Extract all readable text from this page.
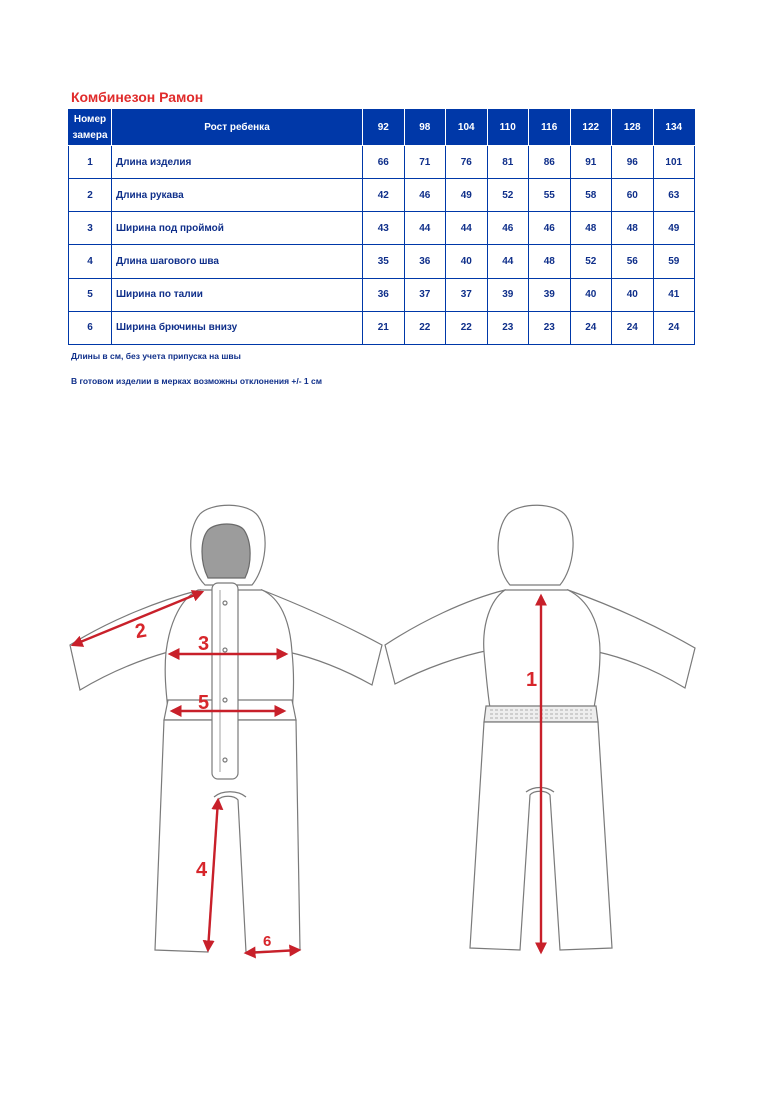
Комбинезон Рамон
Номер
замера	Рост ребенка	92	98	104	110	116	122	128	134
1	Длина изделия	66	71	76	81	86	91	96	101
2	Длина рукава	42	46	49	52	55	58	60	63
3	Ширина под проймой	43	44	44	46	46	48	48	49
4	Длина шагового шва	35	36	40	44	48	52	56	59
5	Ширина по талии	36	37	37	39	39	40	40	41
6	Ширина брючины внизу	21	22	22	23	23	24	24	24

Длины в см, без учета припуска на швы

В готовом изделии в мерках возможны отклонения +/- 1 см

1
2
3
4
5
6
